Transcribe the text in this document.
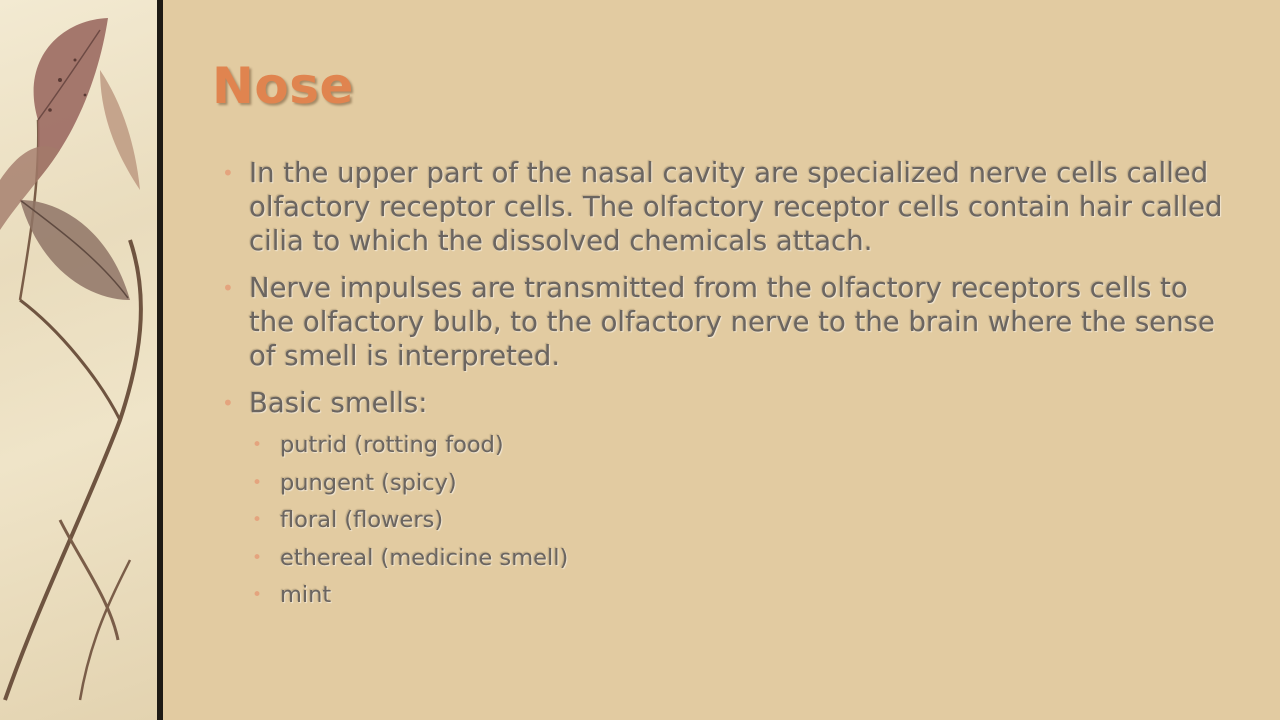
Nose
• In the upper part of the nasal cavity are specialized nerve cells called olfactory receptor cells. The olfactory receptor cells contain hair called cilia to which the dissolved chemicals attach.
• Nerve impulses are transmitted from the olfactory receptors cells to the olfactory bulb, to the olfactory nerve to the brain where the sense of smell is interpreted.
• Basic smells:
• putrid (rotting food)
• pungent (spicy)
• floral (flowers)
• ethereal (medicine smell)
• mint
